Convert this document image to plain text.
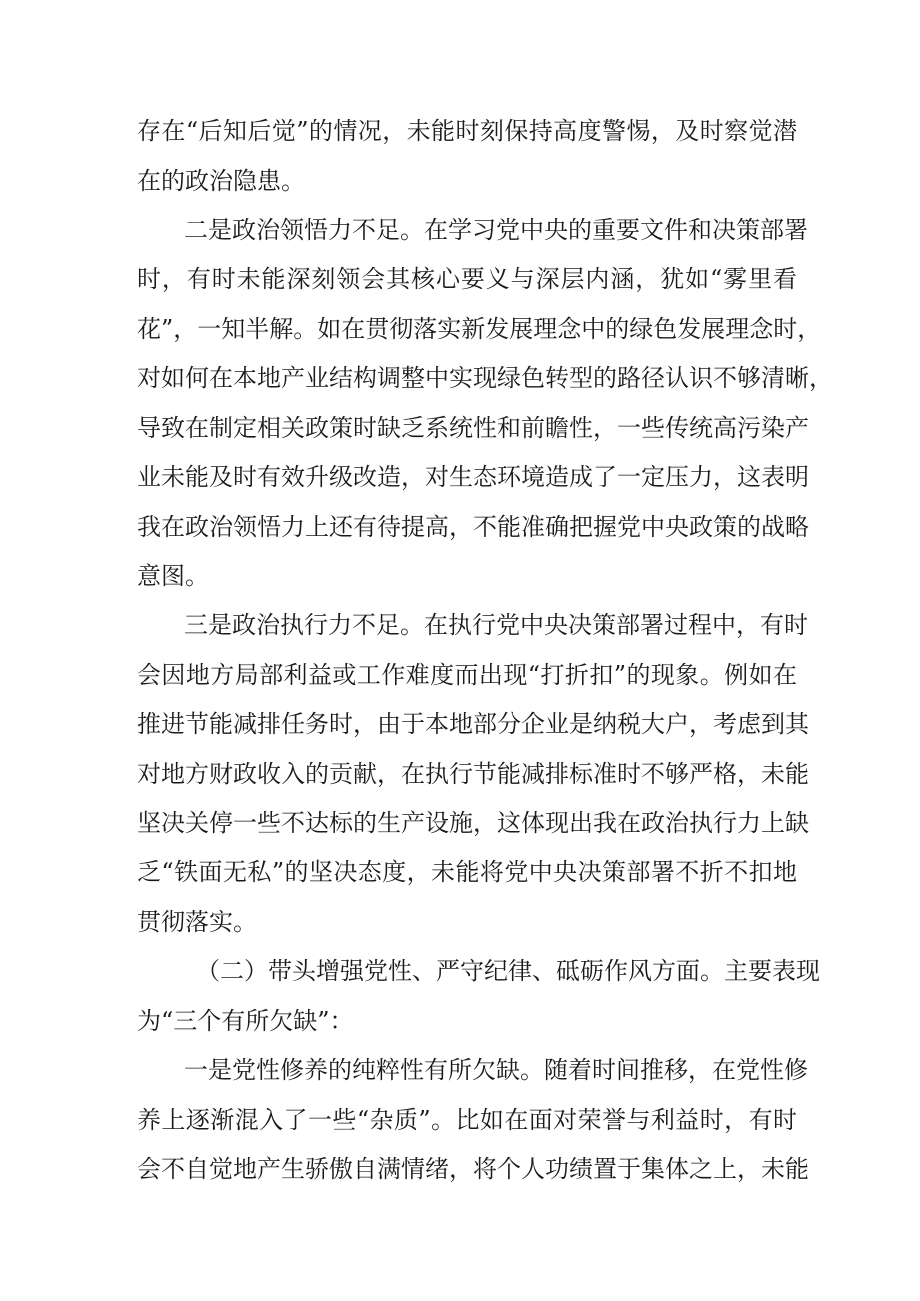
存在“后知后觉”的情况，未能时刻保持高度警惕，及时察觉潜
在的政治隐患。
二是政治领悟力不足。在学习党中央的重要文件和决策部署
时，有时未能深刻领会其核心要义与深层内涵，犹如“雾里看
花”，一知半解。如在贯彻落实新发展理念中的绿色发展理念时，
对如何在本地产业结构调整中实现绿色转型的路径认识不够清晰，
导致在制定相关政策时缺乏系统性和前瞻性，一些传统高污染产
业未能及时有效升级改造，对生态环境造成了一定压力，这表明
我在政治领悟力上还有待提高，不能准确把握党中央政策的战略
意图。
三是政治执行力不足。在执行党中央决策部署过程中，有时
会因地方局部利益或工作难度而出现“打折扣”的现象。例如在
推进节能减排任务时，由于本地部分企业是纳税大户，考虑到其
对地方财政收入的贡献，在执行节能减排标准时不够严格，未能
坚决关停一些不达标的生产设施，这体现出我在政治执行力上缺
乏“铁面无私”的坚决态度，未能将党中央决策部署不折不扣地
贯彻落实。
（二）带头增强党性、严守纪律、砥砺作风方面。主要表现
为“三个有所欠缺”：
一是党性修养的纯粹性有所欠缺。随着时间推移，在党性修
养上逐渐混入了一些“杂质”。比如在面对荣誉与利益时，有时
会不自觉地产生骄傲自满情绪，将个人功绩置于集体之上，未能
